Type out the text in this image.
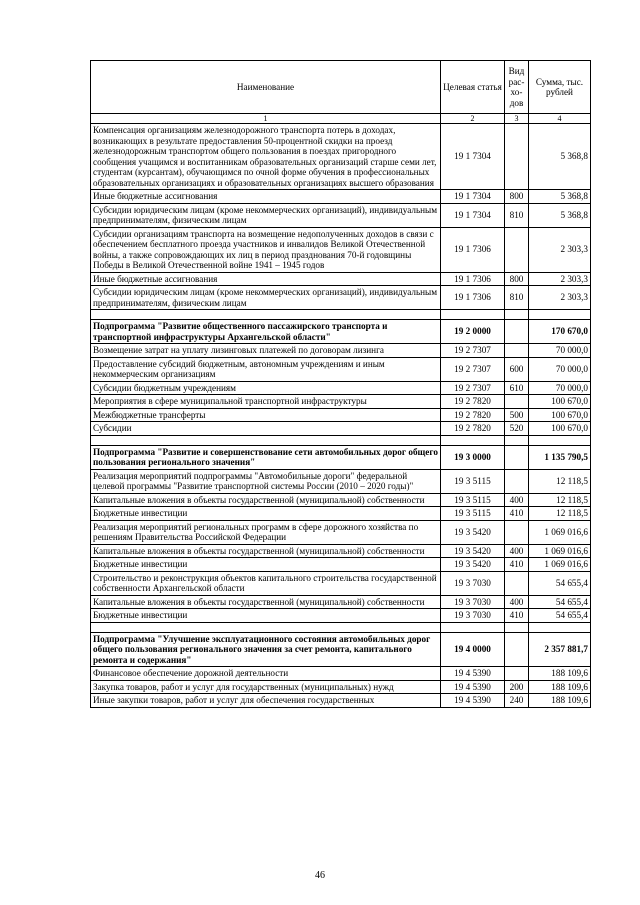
Наименование	Целевая статья	Вид рас-хо-дов	Сумма, тыс. рублей
1	2	3	4
Компенсация организациям железнодорожного транспорта потерь в доходах, возникающих в результате предоставления 50-процентной скидки на проезд железнодорожным транспортом общего пользования в поездах пригородного сообщения учащимся и воспитанникам образовательных организаций старше семи лет, студентам (курсантам), обучающимся по очной форме обучения в профессиональных образовательных организациях и образовательных организациях высшего образования	19 1 7304		5 368,8
Иные бюджетные ассигнования	19 1 7304	800	5 368,8
Субсидии юридическим лицам (кроме некоммерческих организаций), индивидуальным предпринимателям, физическим лицам	19 1 7304	810	5 368,8
Субсидии организациям транспорта на возмещение недополученных доходов в связи с обеспечением бесплатного проезда участников и инвалидов Великой Отечественной войны, а также сопровождающих их лиц в период празднования 70-й годовщины Победы в Великой Отечественной войне 1941 – 1945 годов	19 1 7306		2 303,3
Иные бюджетные ассигнования	19 1 7306	800	2 303,3
Субсидии юридическим лицам (кроме некоммерческих организаций), индивидуальным предпринимателям, физическим лицам	19 1 7306	810	2 303,3

Подпрограмма "Развитие общественного пассажирского транспорта и транспортной инфраструктуры Архангельской области"	19 2 0000		170 670,0
Возмещение затрат на уплату лизинговых платежей по договорам лизинга	19 2 7307		70 000,0
Предоставление субсидий бюджетным, автономным учреждениям и иным некоммерческим организациям	19 2 7307	600	70 000,0
Субсидии бюджетным учреждениям	19 2 7307	610	70 000,0
Мероприятия в сфере муниципальной транспортной инфраструктуры	19 2 7820		100 670,0
Межбюджетные трансферты	19 2 7820	500	100 670,0
Субсидии	19 2 7820	520	100 670,0

Подпрограмма "Развитие и совершенствование сети автомобильных дорог общего пользования регионального значения"	19 3 0000		1 135 790,5
Реализация мероприятий подпрограммы "Автомобильные дороги" федеральной целевой программы "Развитие транспортной системы России (2010 – 2020 годы)"	19 3 5115		12 118,5
Капитальные вложения в объекты государственной (муниципальной) собственности	19 3 5115	400	12 118,5
Бюджетные инвестиции	19 3 5115	410	12 118,5
Реализация мероприятий региональных программ в сфере дорожного хозяйства по решениям Правительства Российской Федерации	19 3 5420		1 069 016,6
Капитальные вложения в объекты государственной (муниципальной) собственности	19 3 5420	400	1 069 016,6
Бюджетные инвестиции	19 3 5420	410	1 069 016,6
Строительство и реконструкция объектов капитального строительства государственной собственности Архангельской области	19 3 7030		54 655,4
Капитальные вложения в объекты государственной (муниципальной) собственности	19 3 7030	400	54 655,4
Бюджетные инвестиции	19 3 7030	410	54 655,4

Подпрограмма "Улучшение эксплуатационного состояния автомобильных дорог общего пользования регионального значения за счет ремонта, капитального ремонта и содержания"	19 4 0000		2 357 881,7
Финансовое обеспечение дорожной деятельности	19 4 5390		188 109,6
Закупка товаров, работ и услуг для государственных (муниципальных) нужд	19 4 5390	200	188 109,6
Иные закупки товаров, работ и услуг для обеспечения государственных	19 4 5390	240	188 109,6
46
